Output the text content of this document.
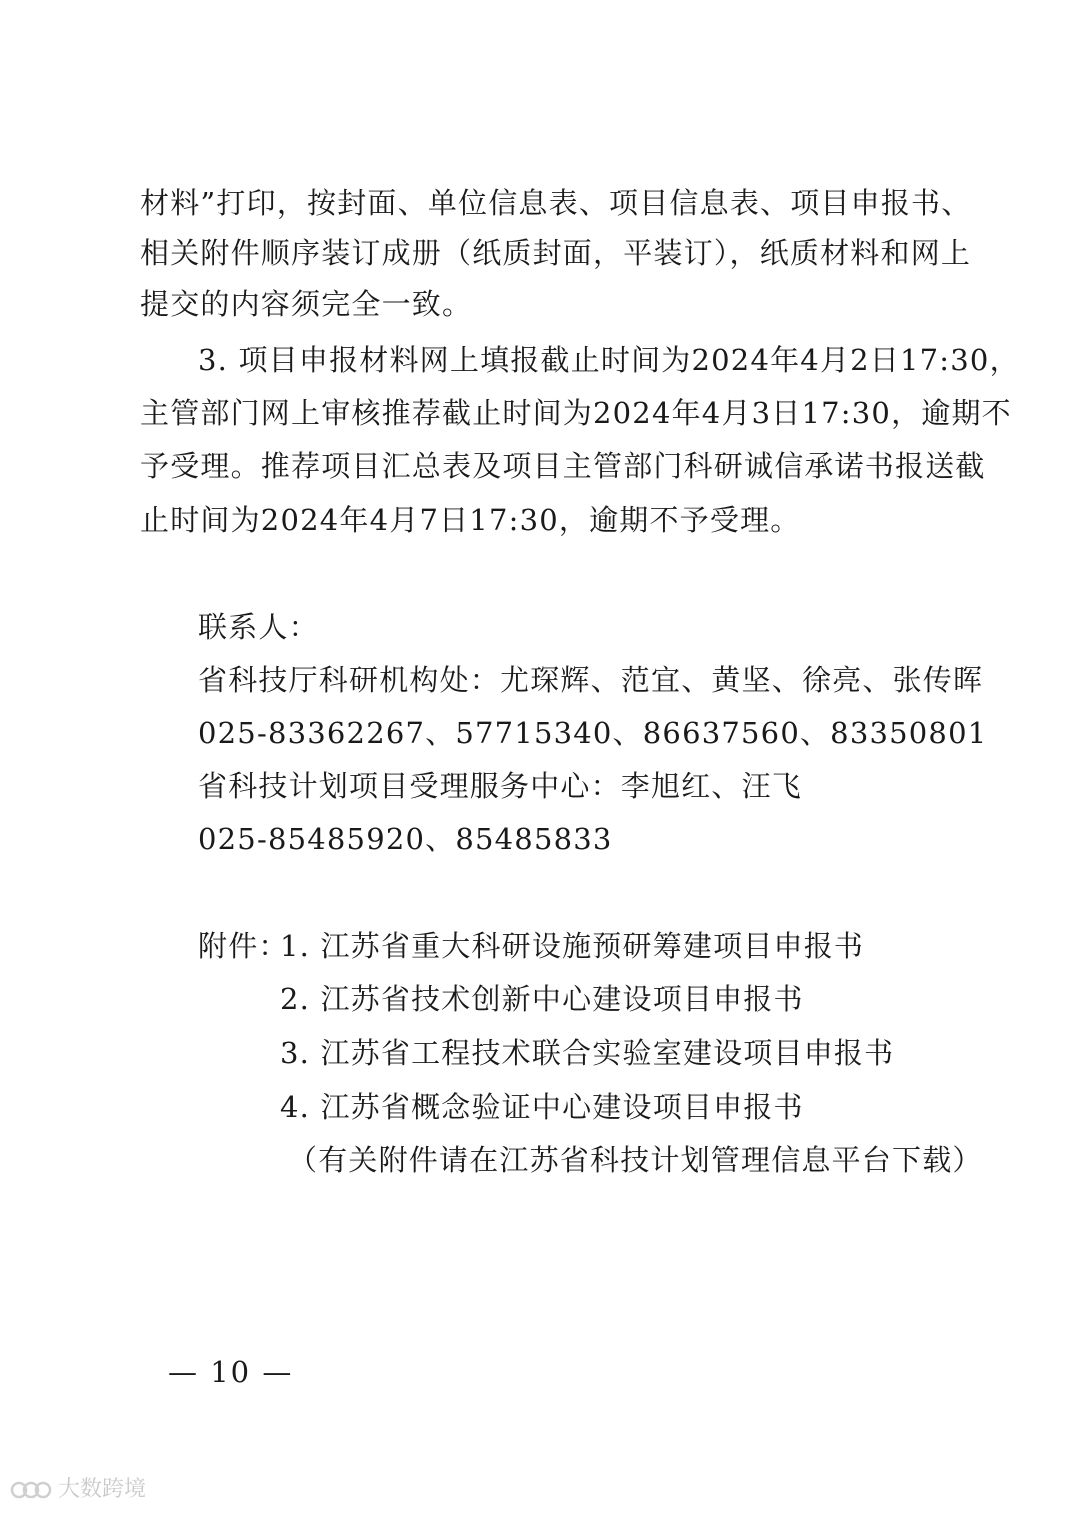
材料”打印，按封面、单位信息表、项目信息表、项目申报书、
相关附件顺序装订成册（纸质封面，平装订），纸质材料和网上
提交的内容须完全一致。
3. 项目申报材料网上填报截止时间为2024年4月2日17:30，
主管部门网上审核推荐截止时间为2024年4月3日17:30，逾期不
予受理。推荐项目汇总表及项目主管部门科研诚信承诺书报送截
止时间为2024年4月7日17:30，逾期不予受理。
联系人：
省科技厅科研机构处：尤琛辉、范宜、黄坚、徐亮、张传晖
025-83362267、57715340、86637560、83350801
省科技计划项目受理服务中心：李旭红、汪飞
025-85485920、85485833
附件：
1. 江苏省重大科研设施预研筹建项目申报书
2. 江苏省技术创新中心建设项目申报书
3. 江苏省工程技术联合实验室建设项目申报书
4. 江苏省概念验证中心建设项目申报书
（有关附件请在江苏省科技计划管理信息平台下载）
— 10 —
大数跨境
